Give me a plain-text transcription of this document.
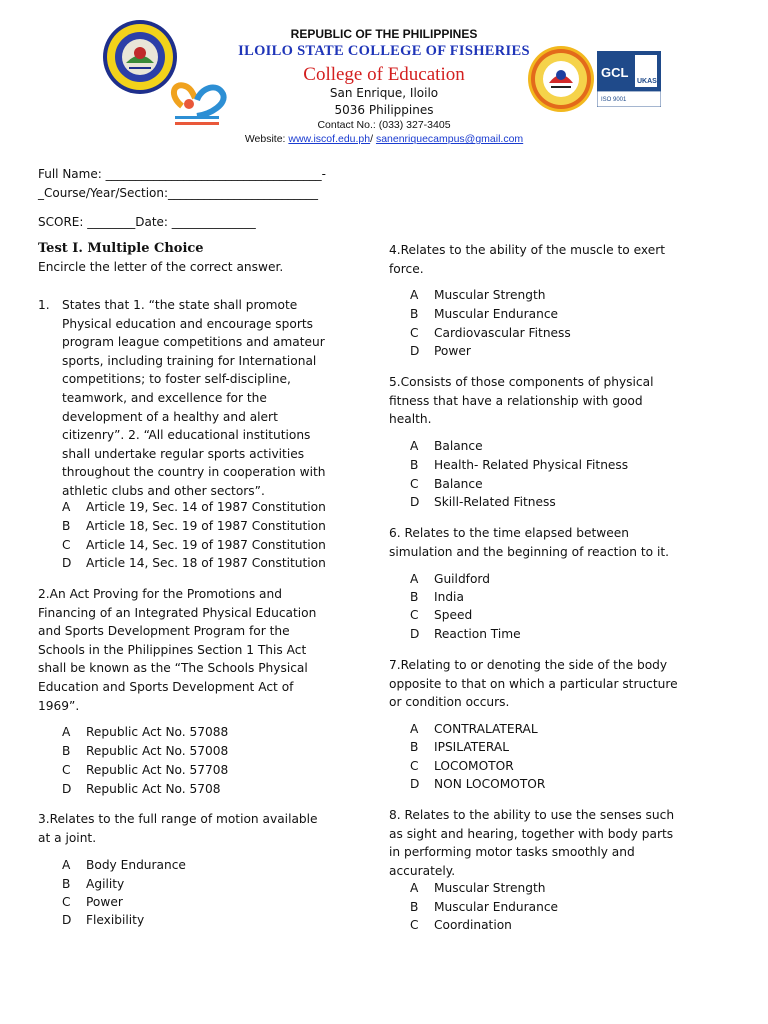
GCL
UKAS
ISO 9001
REPUBLIC OF THE PHILIPPINES
ILOILO STATE COLLEGE OF FISHERIES
College of Education
San Enrique, Iloilo
5036 Philippines
Contact No.: (033) 327-3405
Website: www.iscof.edu.ph/ sanenriquecampus@gmail.com
Full Name: ____________________________________-
_Course/Year/Section:_________________________
SCORE: ________Date: ______________
Test I. Multiple Choice
Encircle the letter of the correct answer.
1.	States that 1. “the state shall promote
Physical education and encourage sports
program league competitions and amateur
sports, including training for International
competitions; to foster self-discipline,
teamwork, and excellence for the
development of a healthy and alert
citizenry”. 2. “All educational institutions
shall undertake regular sports activities
throughout the country in cooperation with
athletic clubs and other sectors”.
A Article 19, Sec. 14 of 1987 Constitution
B Article 18, Sec. 19 of 1987 Constitution
C Article 14, Sec. 19 of 1987 Constitution
D Article 14, Sec. 18 of 1987 Constitution
2.An Act Proving for the Promotions and
Financing of an Integrated Physical Education
and Sports Development Program for the
Schools in the Philippines Section 1 This Act
shall be known as the “The Schools Physical
Education and Sports Development Act of
1969”.
A Republic Act No. 57088
B Republic Act No. 57008
C Republic Act No. 57708
D Republic Act No. 5708
3.Relates to the full range of motion available
at a joint.
A Body Endurance
B Agility
C Power
D Flexibility
4.Relates to the ability of the muscle to exert
force.
A Muscular Strength
B Muscular Endurance
C Cardiovascular Fitness
D Power
5.Consists of those components of physical
fitness that have a relationship with good
health.
A Balance
B Health- Related Physical Fitness
C Balance
D Skill-Related Fitness
6. Relates to the time elapsed between
simulation and the beginning of reaction to it.
A Guildford
B India
C Speed
D Reaction Time
7.Relating to or denoting the side of the body
opposite to that on which a particular structure
or condition occurs.
A CONTRALATERAL
B IPSILATERAL
C LOCOMOTOR
D NON LOCOMOTOR
8. Relates to the ability to use the senses such
as sight and hearing, together with body parts
in performing motor tasks smoothly and
accurately.
A Muscular Strength
B Muscular Endurance
C Coordination
